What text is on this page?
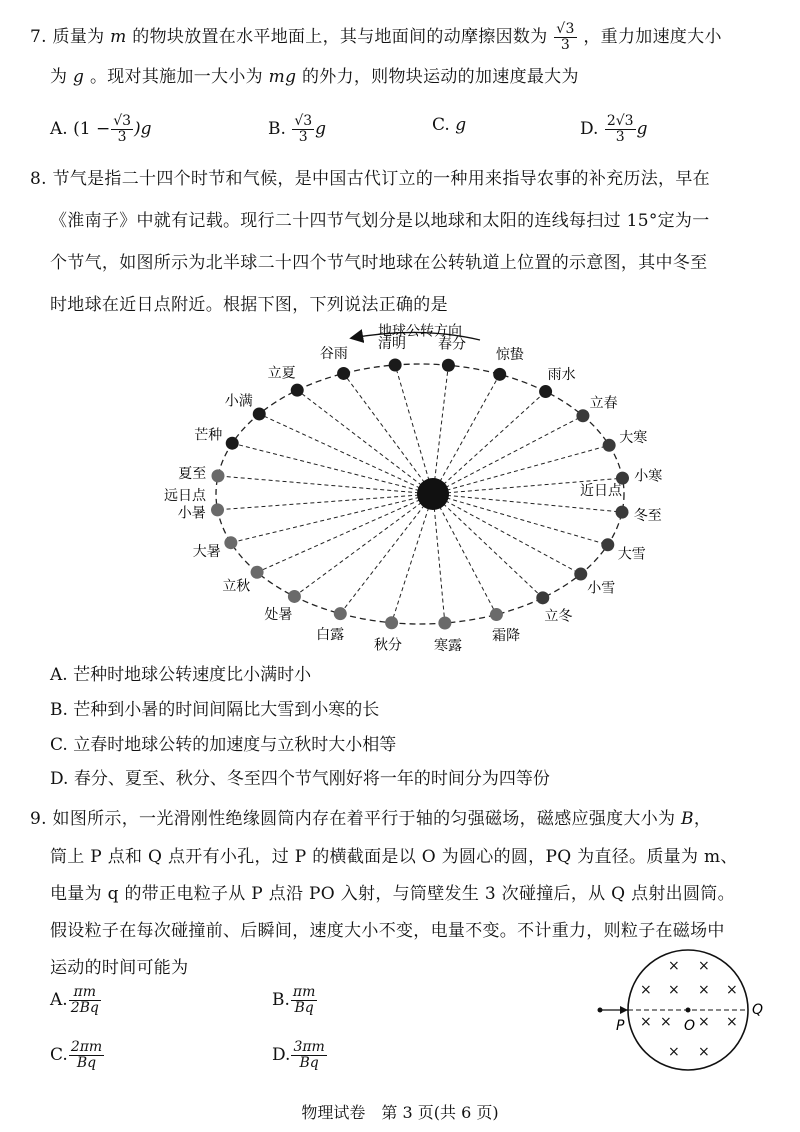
7. 质量为 m 的物块放置在水平地面上，其与地面间的动摩擦因数为 $\frac{√3}{3}$ ，重力加速度大小
为 g 。现对其施加一大小为 mg 的外力，则物块运动的加速度最大为
A. $(1 - \frac{√3}{3} )g$	B. $\frac{√3}{3}$ g	C. g	D. $\frac{2√3}{3}$ g
8. 节气是指二十四个时节和气候，是中国古代订立的一种用来指导农事的补充历法，早在
《淮南子》中就有记载。现行二十四节气划分是以地球和太阳的连线每扫过 15°定为一
个节气，如图所示为北半球二十四个节气时地球在公转轨道上位置的示意图，其中冬至
时地球在近日点附近。根据下图，下列说法正确的是
地球公转方向
远日点	近日点
冬至
小寒
大寒
立春
雨水
惊蛰
春分
清明
谷雨
立夏
小满
芒种
夏至
小暑
大暑
立秋
处暑
白露
秋分 寒露
霜降
立冬
小雪
大雪
A. 芒种时地球公转速度比小满时小
B. 芒种到小暑的时间间隔比大雪到小寒的长
C. 立春时地球公转的加速度与立秋时大小相等
D. 春分、夏至、秋分、冬至四个节气刚好将一年的时间分为四等份
9. 如图所示，一光滑刚性绝缘圆筒内存在着平行于轴的匀强磁场，磁感应强度大小为 B，
筒上 P 点和 Q 点开有小孔，过 P 的横截面是以 O 为圆心的圆，PQ 为直径。质量为 m、
电量为 q 的带正电粒子从 P 点沿 PO 入射，与筒壁发生 3 次碰撞后，从 Q 点射出圆筒。
假设粒子在每次碰撞前、后瞬间，速度大小不变，电量不变。不计重力，则粒子在磁场中
运动的时间可能为
A. $\frac{\pi m}{2Bq}$	B. $\frac{\pi m}{Bq}$
C. $\frac{2\pi m}{Bq}$	D. $\frac{3\pi m}{Bq}$
× ×
× × × ×
× × × ×
× ×
P	O
Q
物理试卷　第 3 页(共 6 页)
